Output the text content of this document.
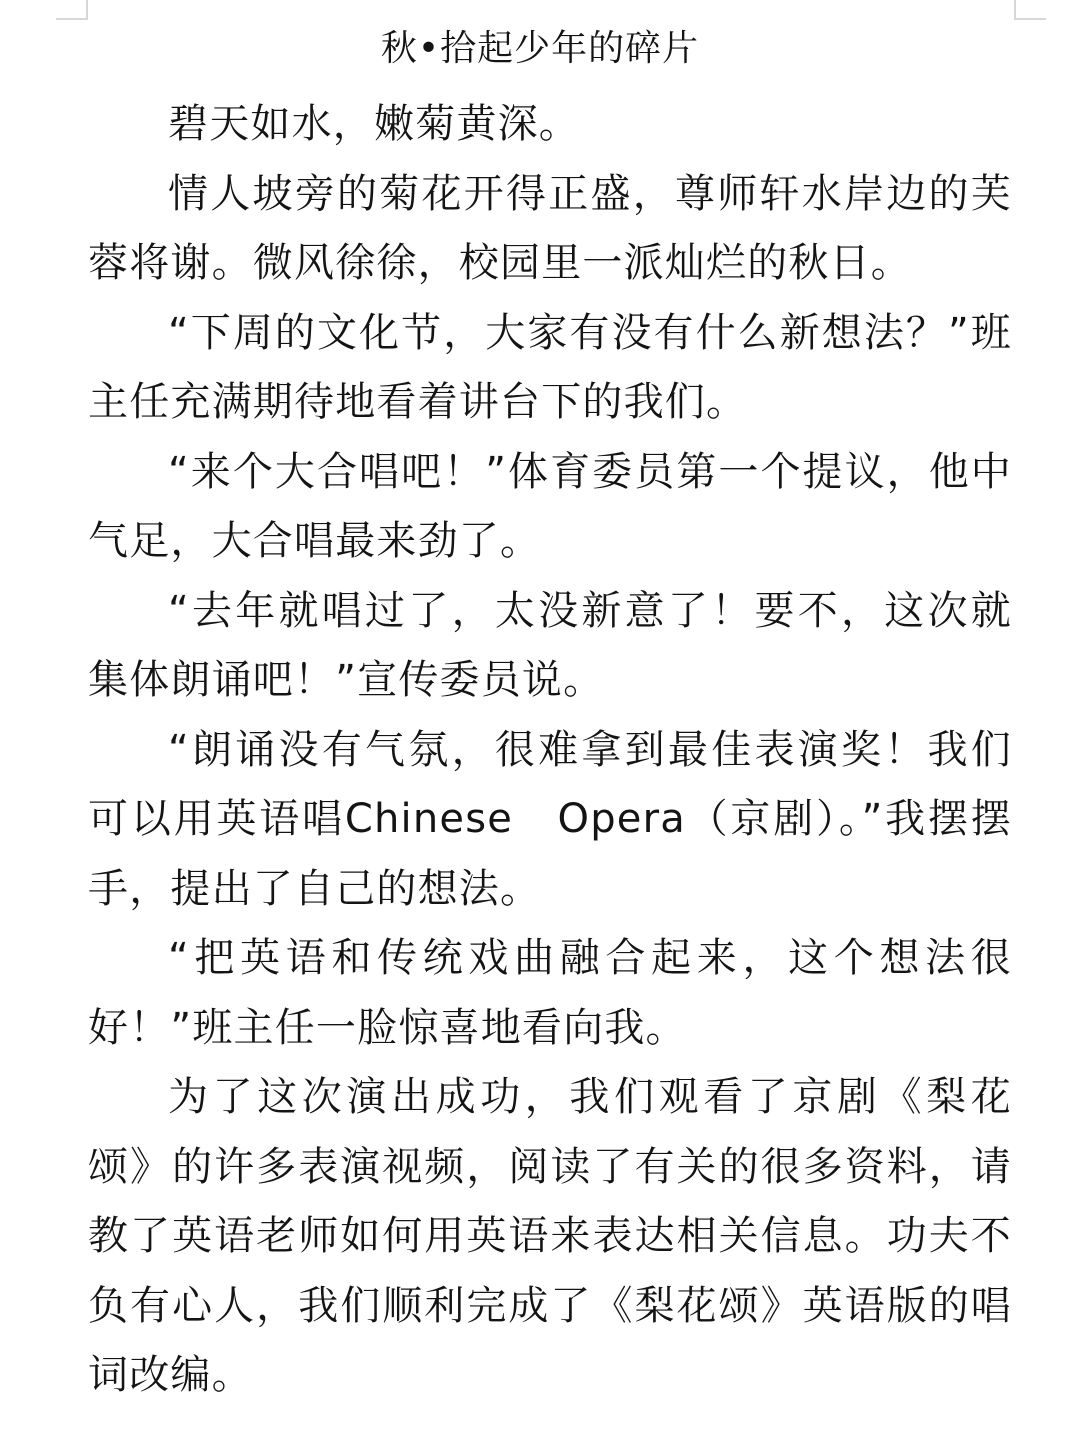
秋•拾起少年的碎片

碧天如水，嫩菊黄深。

情人坡旁的菊花开得正盛，尊师轩水岸边的芙蓉将谢。微风徐徐，校园里一派灿烂的秋日。

“下周的文化节，大家有没有什么新想法？”班主任充满期待地看着讲台下的我们。

“来个大合唱吧！”体育委员第一个提议，他中气足，大合唱最来劲了。

“去年就唱过了，太没新意了！要不，这次就集体朗诵吧！”宣传委员说。

“朗诵没有气氛，很难拿到最佳表演奖！我们可以用英语唱Chinese　Opera（京剧）。”我摆摆手，提出了自己的想法。

“把英语和传统戏曲融合起来，这个想法很好！”班主任一脸惊喜地看向我。

为了这次演出成功，我们观看了京剧《梨花颂》的许多表演视频，阅读了有关的很多资料，请教了英语老师如何用英语来表达相关信息。功夫不负有心人，我们顺利完成了《梨花颂》英语版的唱词改编。
